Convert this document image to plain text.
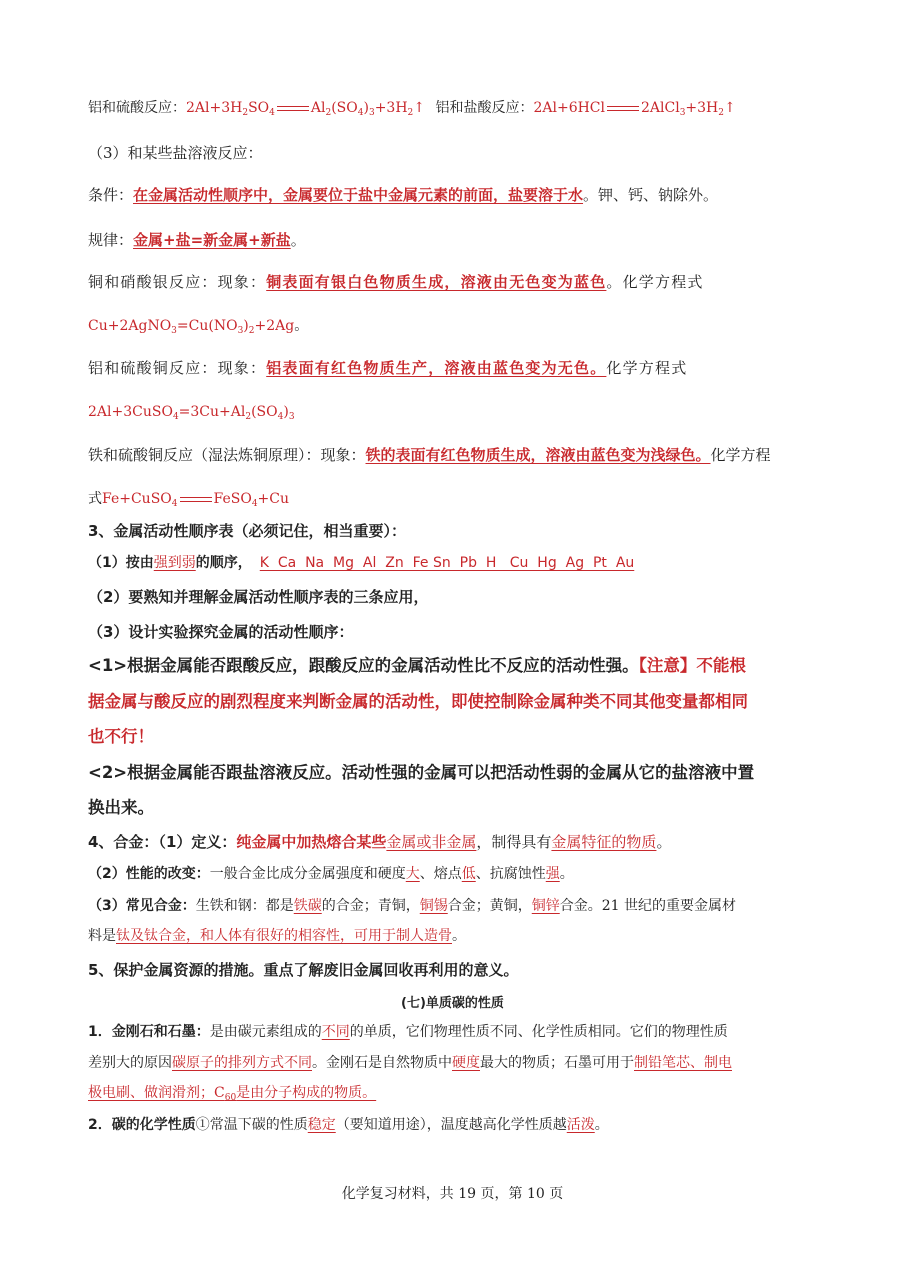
铝和硫酸反应：$2Al+3H_2SO_4$	$Al_2(SO_4)_3+3H_2↑$ 铝和盐酸反应：2Al+6HCl	$2AlCl_3+3H_2↑$
（3）和某些盐溶液反应：
条件：在金属活动性顺序中，金属要位于盐中金属元素的前面，盐要溶于水。钾、钙、钠除外。
规律：金属+盐=新金属+新盐。
铜和硝酸银反应：现象：铜表面有银白色物质生成，溶液由无色变为蓝色。化学方程式
$Cu+2AgNO_3=Cu(NO_3)_2+2Ag$。
铝和硫酸铜反应：现象：铝表面有红色物质生产，溶液由蓝色变为无色。化学方程式
$2Al+3CuSO_4=3Cu+Al_2(SO_4)_3$
铁和硫酸铜反应（湿法炼铜原理）：现象：铁的表面有红色物质生成，溶液由蓝色变为浅绿色。化学方程
式Fe+CuSO$_4$	FeSO$_4$+Cu
3、金属活动性顺序表（必须记住，相当重要）：
（1）按由强到弱的顺序， K  Ca  Na  Mg  Al  Zn  Fe Sn  Pb  H   Cu  Hg  Ag  Pt  Au
（2）要熟知并理解金属活动性顺序表的三条应用，
（3）设计实验探究金属的活动性顺序：
<1>根据金属能否跟酸反应，跟酸反应的金属活动性比不反应的活动性强。【注意】不能根
据金属与酸反应的剧烈程度来判断金属的活动性，即使控制除金属种类不同其他变量都相同
也不行！
<2>根据金属能否跟盐溶液反应。活动性强的金属可以把活动性弱的金属从它的盐溶液中置
换出来。
4、合金：（1）定义：纯金属中加热熔合某些金属或非金属，制得具有金属特征的物质。
（2）性能的改变：一般合金比成分金属强度和硬度大、熔点低、抗腐蚀性强。
（3）常见合金：生铁和钢：都是铁碳的合金；青铜，铜锡合金；黄铜，铜锌合金。21 世纪的重要金属材
料是钛及钛合金，和人体有很好的相容性，可用于制人造骨。
5、保护金属资源的措施。重点了解废旧金属回收再利用的意义。
(七)单质碳的性质
1．金刚石和石墨：是由碳元素组成的不同的单质，它们物理性质不同、化学性质相同。它们的物理性质
差别大的原因碳原子的排列方式不同。金刚石是自然物质中硬度最大的物质；石墨可用于制铅笔芯、制电
极电刷、做润滑剂；$C_{60}$是由分子构成的物质。
2．碳的化学性质①常温下碳的性质稳定（要知道用途），温度越高化学性质越活泼。
化学复习材料，共 19 页，第 10 页
